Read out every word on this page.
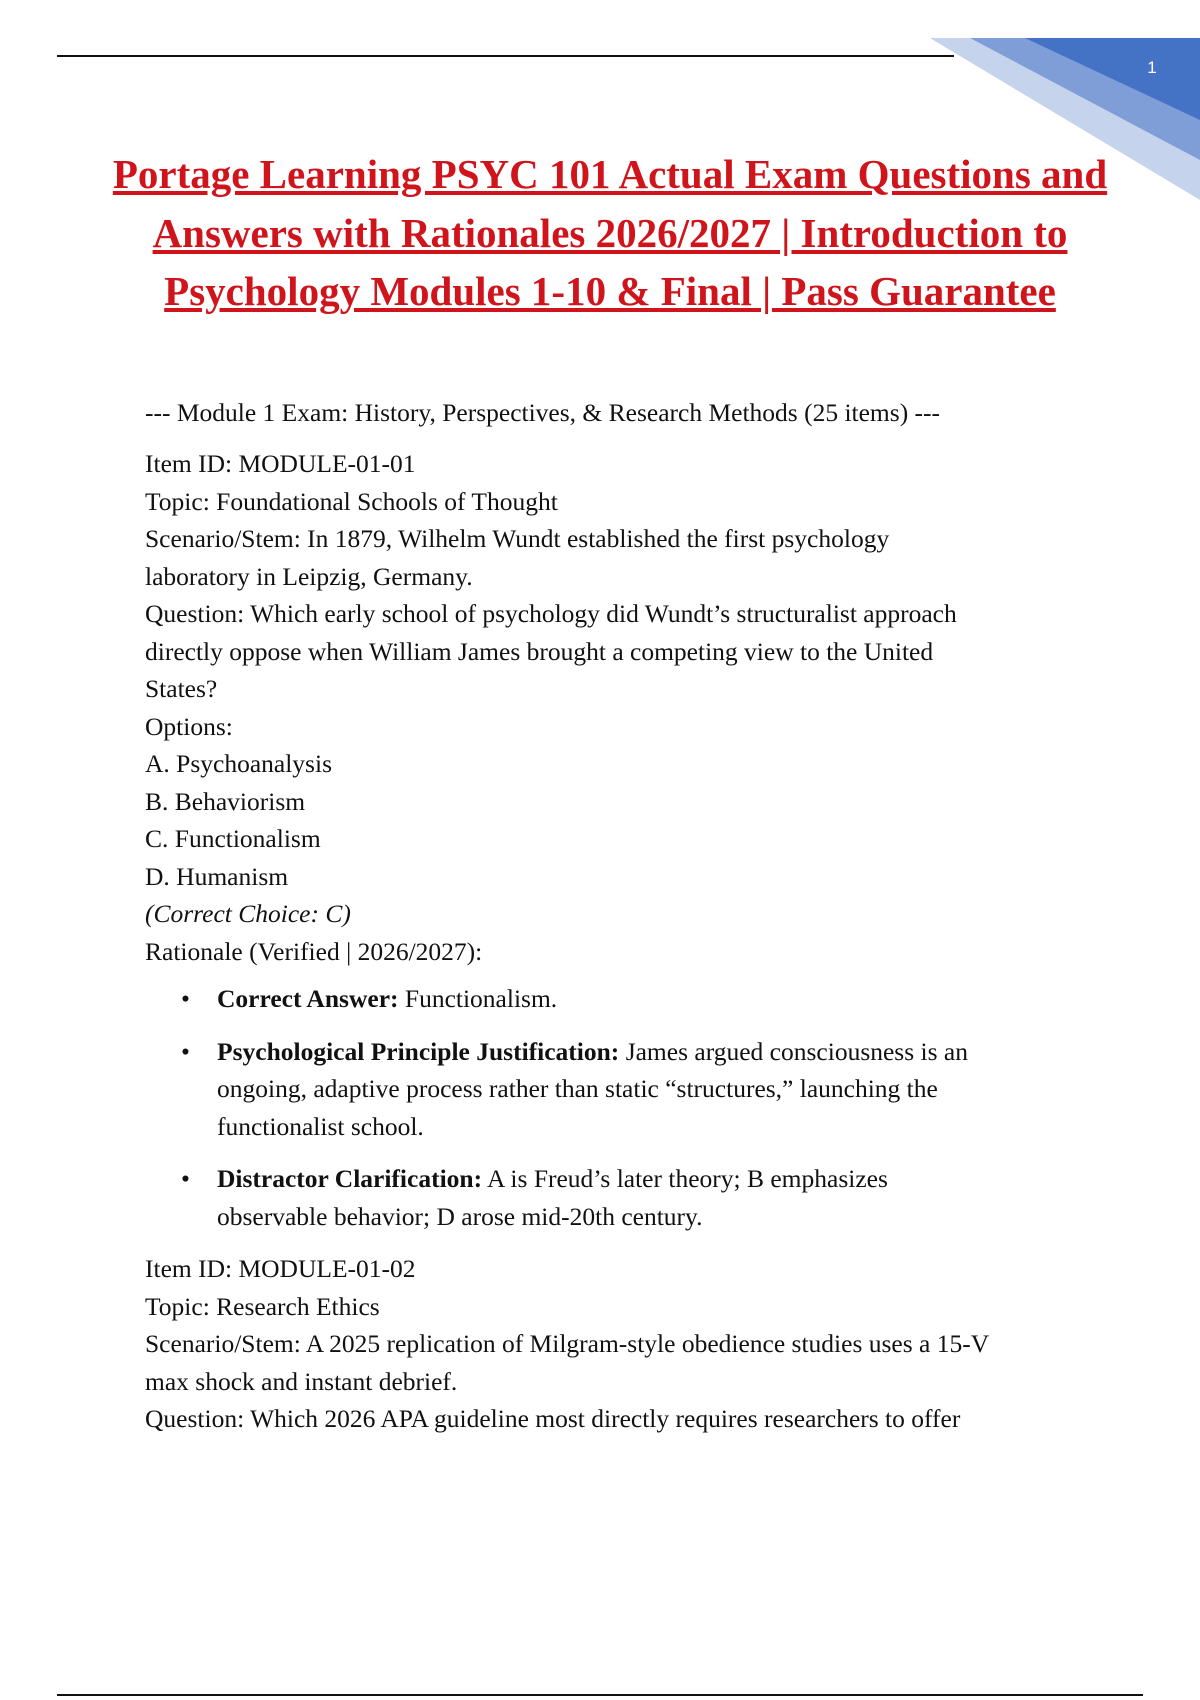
1
Portage Learning PSYC 101 Actual Exam Questions and Answers with Rationales 2026/2027 | Introduction to Psychology Modules 1-10 & Final | Pass Guarantee

--- Module 1 Exam: History, Perspectives, & Research Methods (25 items) ---

Item ID: MODULE-01-01

Topic: Foundational Schools of Thought

Scenario/Stem: In 1879, Wilhelm Wundt established the first psychology

laboratory in Leipzig, Germany.

Question: Which early school of psychology did Wundt’s structuralist approach

directly oppose when William James brought a competing view to the United

States?

Options:

A. Psychoanalysis

B. Behaviorism

C. Functionalism

D. Humanism

(Correct Choice: C)

Rationale (Verified | 2026/2027):

• Correct Answer: Functionalism.
• Psychological Principle Justification: James argued consciousness is an
ongoing, adaptive process rather than static “structures,” launching the
functionalist school.
• Distractor Clarification: A is Freud’s later theory; B emphasizes
observable behavior; D arose mid-20th century.

Item ID: MODULE-01-02

Topic: Research Ethics

Scenario/Stem: A 2025 replication of Milgram-style obedience studies uses a 15-V

max shock and instant debrief.

Question: Which 2026 APA guideline most directly requires researchers to offer
